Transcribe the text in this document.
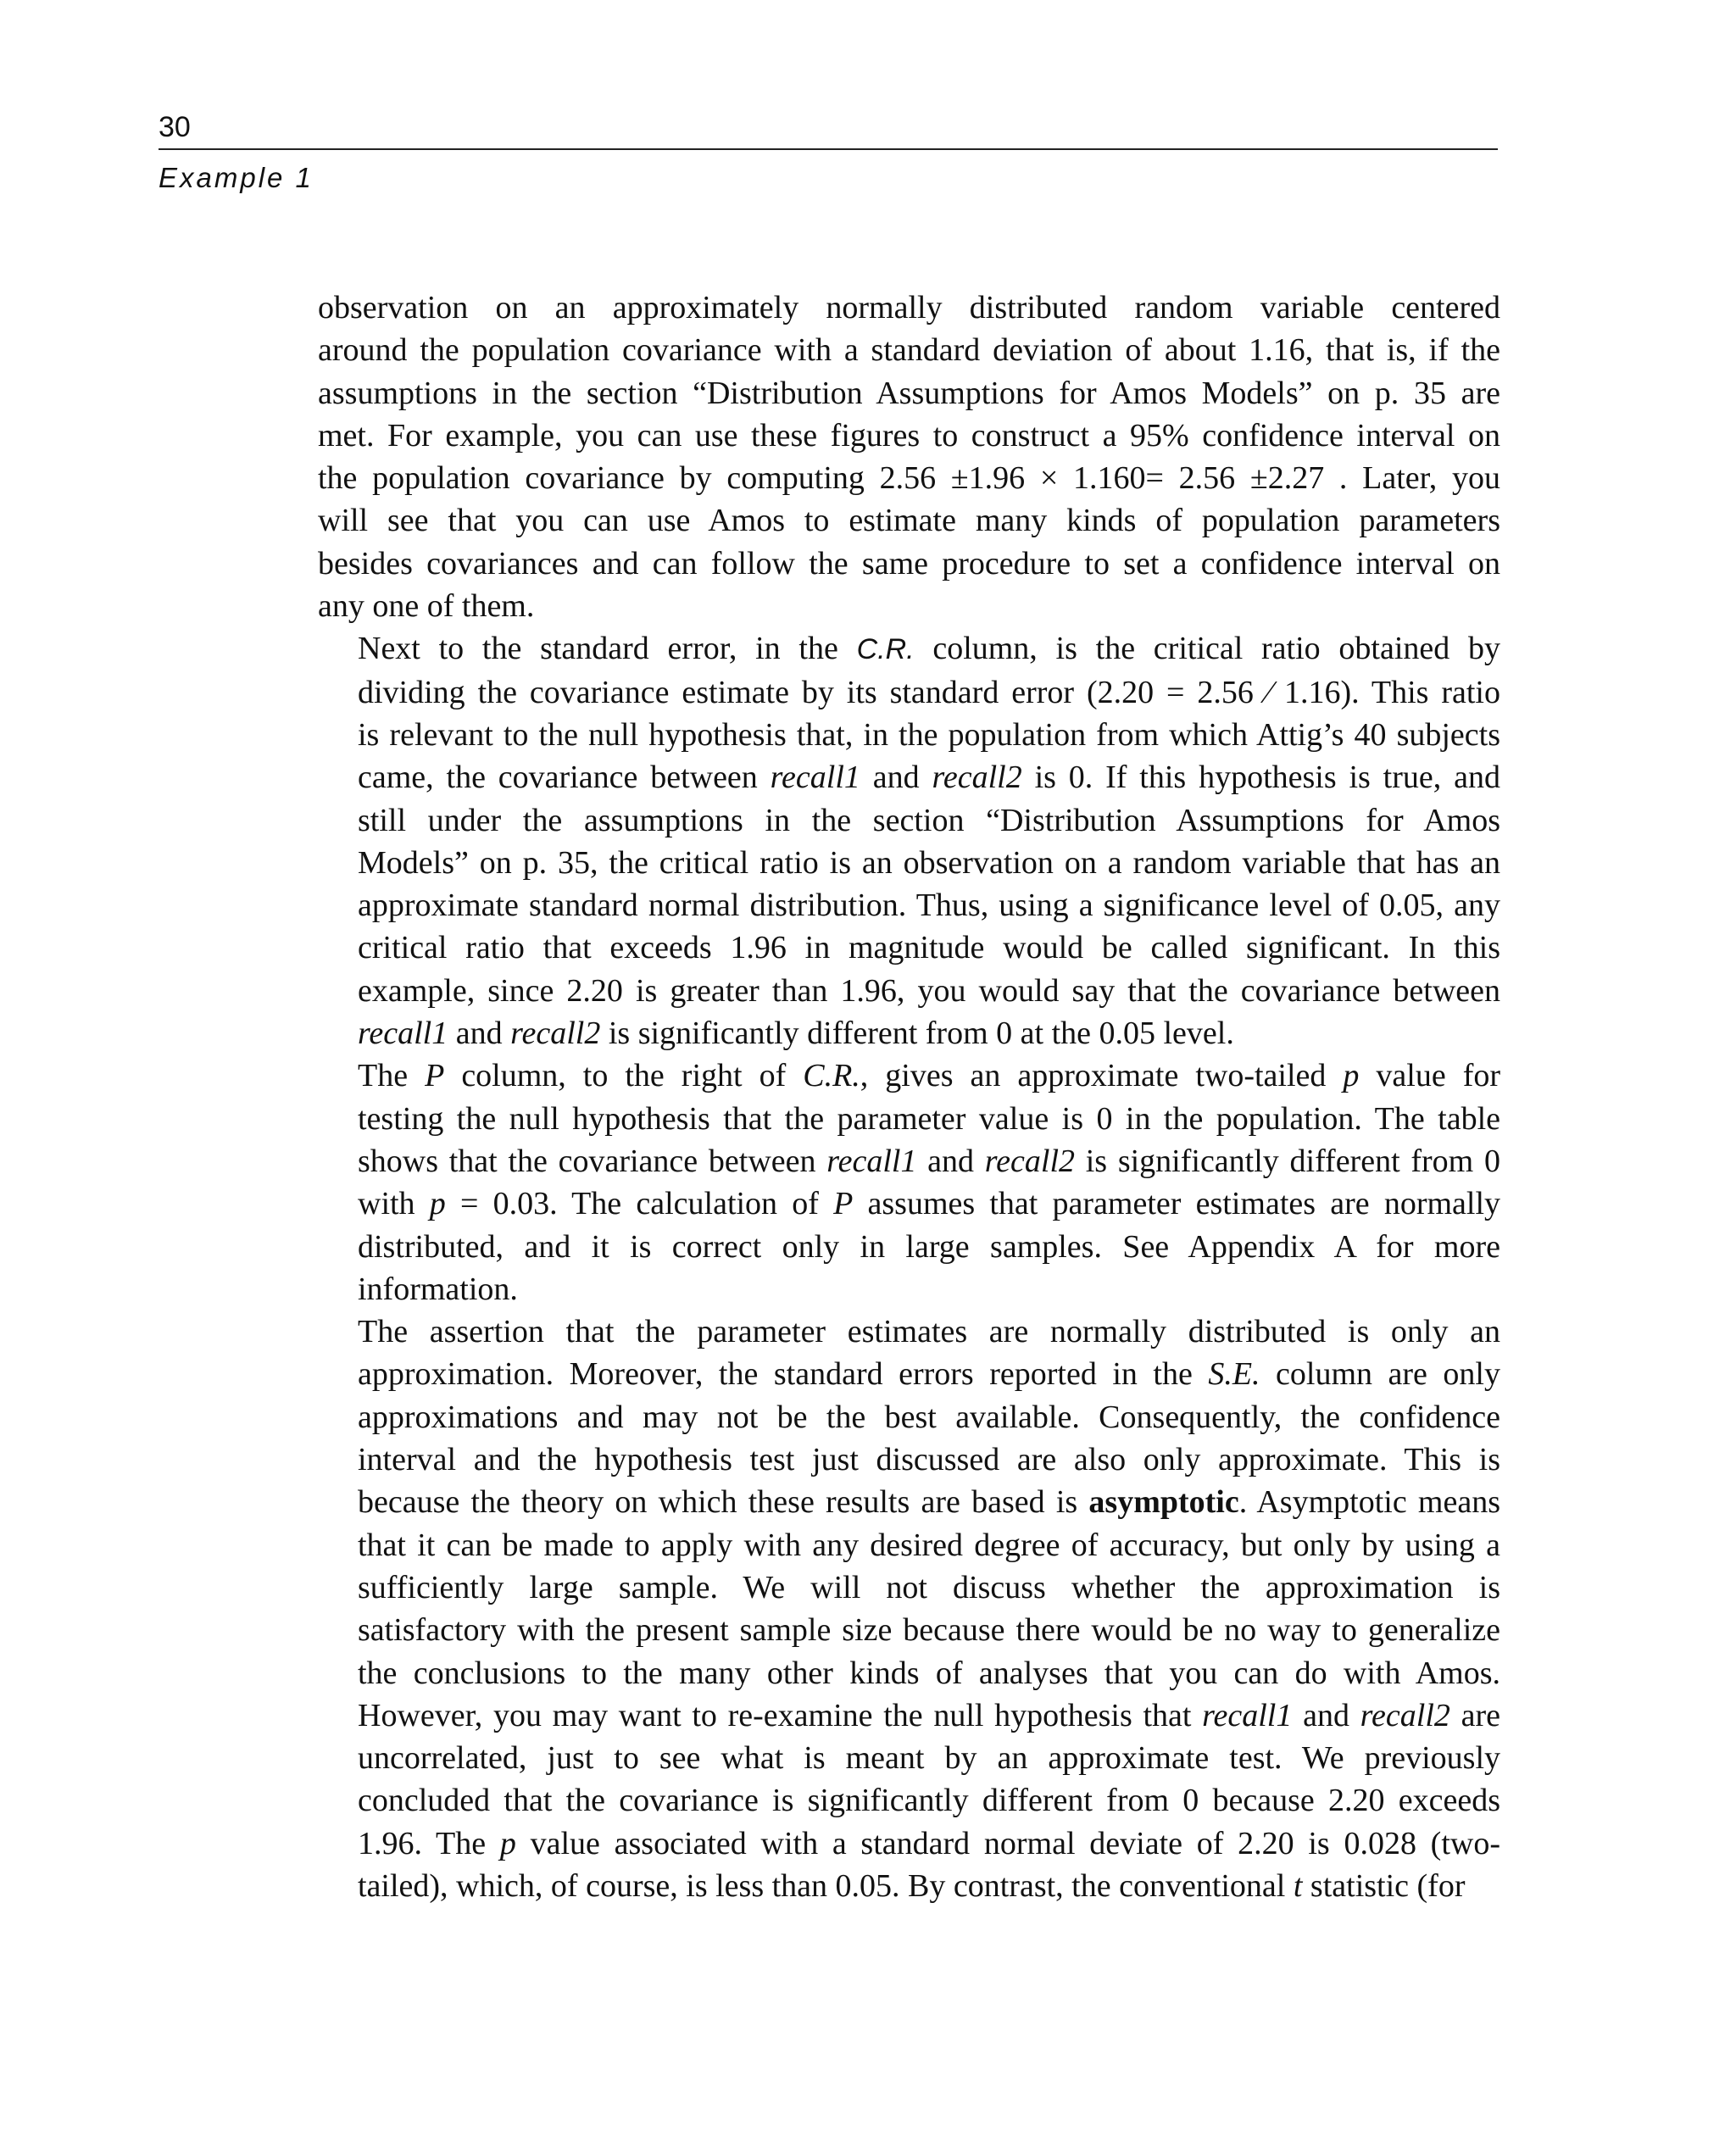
30
Example 1

observation on an approximately normally distributed random variable centered
around the population covariance with a standard deviation of about 1.16, that is, if the
assumptions in the section “Distribution Assumptions for Amos Models” on p. 35 are
met. For example, you can use these figures to construct a 95% confidence interval on
the population covariance by computing 2.56 ±1.96 × 1.160= 2.56 ±2.27 . Later, you
will see that you can use Amos to estimate many kinds of population parameters
besides covariances and can follow the same procedure to set a confidence interval on
any one of them.

Next to the standard error, in the C.R. column, is the critical ratio obtained by
dividing the covariance estimate by its standard error (2.20 = 2.56 ⁄ 1.16). This ratio
is relevant to the null hypothesis that, in the population from which Attig’s 40 subjects
came, the covariance between recall1 and recall2 is 0. If this hypothesis is true, and
still under the assumptions in the section “Distribution Assumptions for Amos
Models” on p. 35, the critical ratio is an observation on a random variable that has an
approximate standard normal distribution. Thus, using a significance level of 0.05, any
critical ratio that exceeds 1.96 in magnitude would be called significant. In this
example, since 2.20 is greater than 1.96, you would say that the covariance between
recall1 and recall2 is significantly different from 0 at the 0.05 level.

The P column, to the right of C.R., gives an approximate two-tailed p value for
testing the null hypothesis that the parameter value is 0 in the population. The table
shows that the covariance between recall1 and recall2 is significantly different from 0
with p = 0.03. The calculation of P assumes that parameter estimates are normally
distributed, and it is correct only in large samples. See Appendix A for more
information.

The assertion that the parameter estimates are normally distributed is only an
approximation. Moreover, the standard errors reported in the S.E. column are only
approximations and may not be the best available. Consequently, the confidence
interval and the hypothesis test just discussed are also only approximate. This is
because the theory on which these results are based is asymptotic. Asymptotic means
that it can be made to apply with any desired degree of accuracy, but only by using a
sufficiently large sample. We will not discuss whether the approximation is
satisfactory with the present sample size because there would be no way to generalize
the conclusions to the many other kinds of analyses that you can do with Amos.
However, you may want to re-examine the null hypothesis that recall1 and recall2 are
uncorrelated, just to see what is meant by an approximate test. We previously
concluded that the covariance is significantly different from 0 because 2.20 exceeds
1.96. The p value associated with a standard normal deviate of 2.20 is 0.028 (two-
tailed), which, of course, is less than 0.05. By contrast, the conventional t statistic (for
